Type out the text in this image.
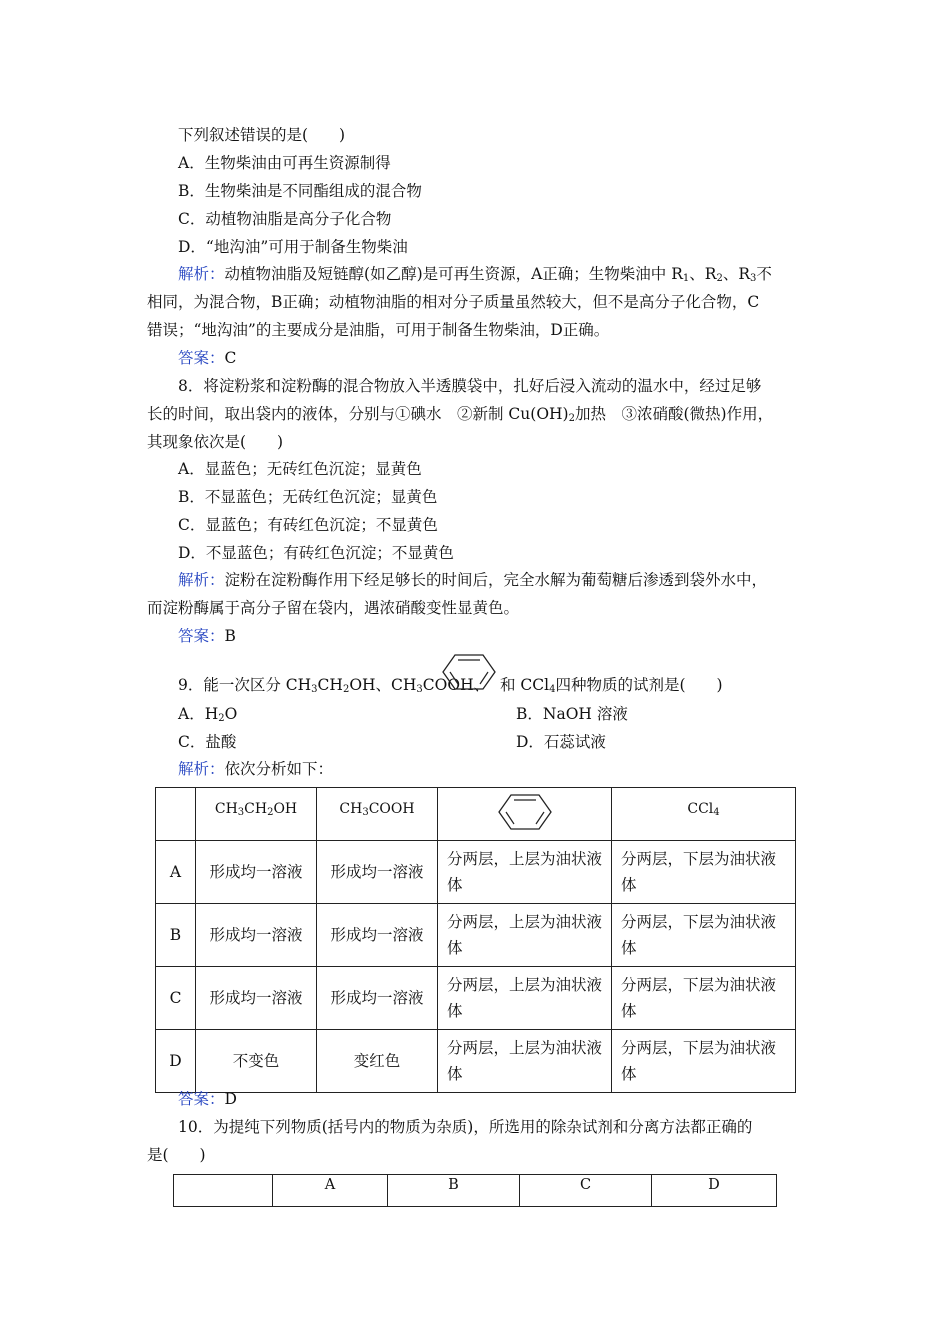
下列叙述错误的是(　　)
A．生物柴油由可再生资源制得
B．生物柴油是不同酯组成的混合物
C．动植物油脂是高分子化合物
D．“地沟油”可用于制备生物柴油
解析：动植物油脂及短链醇(如乙醇)是可再生资源，A正确；生物柴油中 $R_1$、$R_2$、$R_3$不
相同，为混合物，B正确；动植物油脂的相对分子质量虽然较大，但不是高分子化合物，C
错误；“地沟油”的主要成分是油脂，可用于制备生物柴油，D正确。
答案：C
8．将淀粉浆和淀粉酶的混合物放入半透膜袋中，扎好后浸入流动的温水中，经过足够
长的时间，取出袋内的液体，分别与①碘水　②新制 $Cu(OH)_2$加热　③浓硝酸(微热)作用，
其现象依次是(　　)
A．显蓝色；无砖红色沉淀；显黄色
B．不显蓝色；无砖红色沉淀；显黄色
C．显蓝色；有砖红色沉淀；不显黄色
D．不显蓝色；有砖红色沉淀；不显黄色
解析：淀粉在淀粉酶作用下经足够长的时间后，完全水解为葡萄糖后渗透到袋外水中，
而淀粉酶属于高分子留在袋内，遇浓硝酸变性显黄色。
答案：B
9．能一次区分 $CH_3CH_2OH$、$CH_3COOH$、 和 CCl$_4$四种物质的试剂是(　　)
A．$H_2O$	B．NaOH 溶液
C．盐酸	D．石蕊试液
解析：依次分析如下：
	$CH_3CH_2OH$	$CH_3COOH$		CCl$_4$
A	形成均一溶液	形成均一溶液	分两层，上层为油状液体	分两层，下层为油状液体
B	形成均一溶液	形成均一溶液	分两层，上层为油状液体	分两层，下层为油状液体
C	形成均一溶液	形成均一溶液	分两层，上层为油状液体	分两层，下层为油状液体
D	不变色	变红色	分两层，上层为油状液体	分两层，下层为油状液体
答案：D
10．为提纯下列物质(括号内的物质为杂质)，所选用的除杂试剂和分离方法都正确的
是(　　)
	A	B	C	D
